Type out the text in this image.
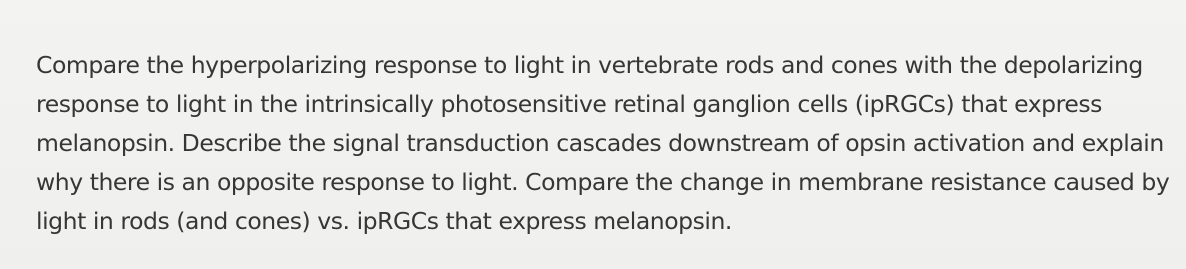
Compare the hyperpolarizing response to light in vertebrate rods and cones with the depolarizing
response to light in the intrinsically photosensitive retinal ganglion cells (ipRGCs) that express
melanopsin. Describe the signal transduction cascades downstream of opsin activation and explain
why there is an opposite response to light. Compare the change in membrane resistance caused by
light in rods (and cones) vs. ipRGCs that express melanopsin.
